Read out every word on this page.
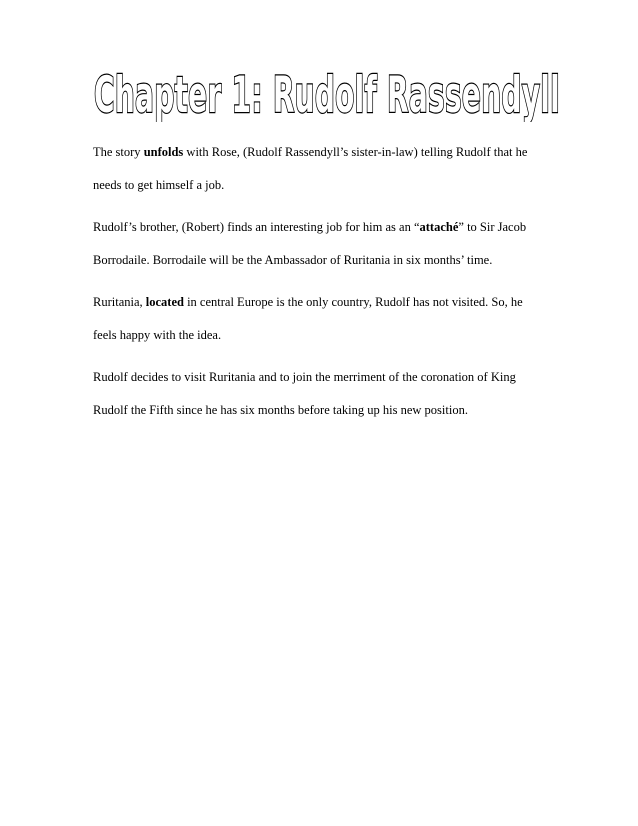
Chapter 1: Rudolf Rassendyll

The story unfolds with Rose, (Rudolf Rassendyll’s sister-in-law) telling Rudolf that he
needs to get himself a job.

Rudolf’s brother, (Robert) finds an interesting job for him as an “attaché” to Sir Jacob
Borrodaile. Borrodaile will be the Ambassador of Ruritania in six months’ time.

Ruritania, located in central Europe is the only country, Rudolf has not visited. So, he
feels happy with the idea.

Rudolf decides to visit Ruritania and to join the merriment of the coronation of King
Rudolf the Fifth since he has six months before taking up his new position.
